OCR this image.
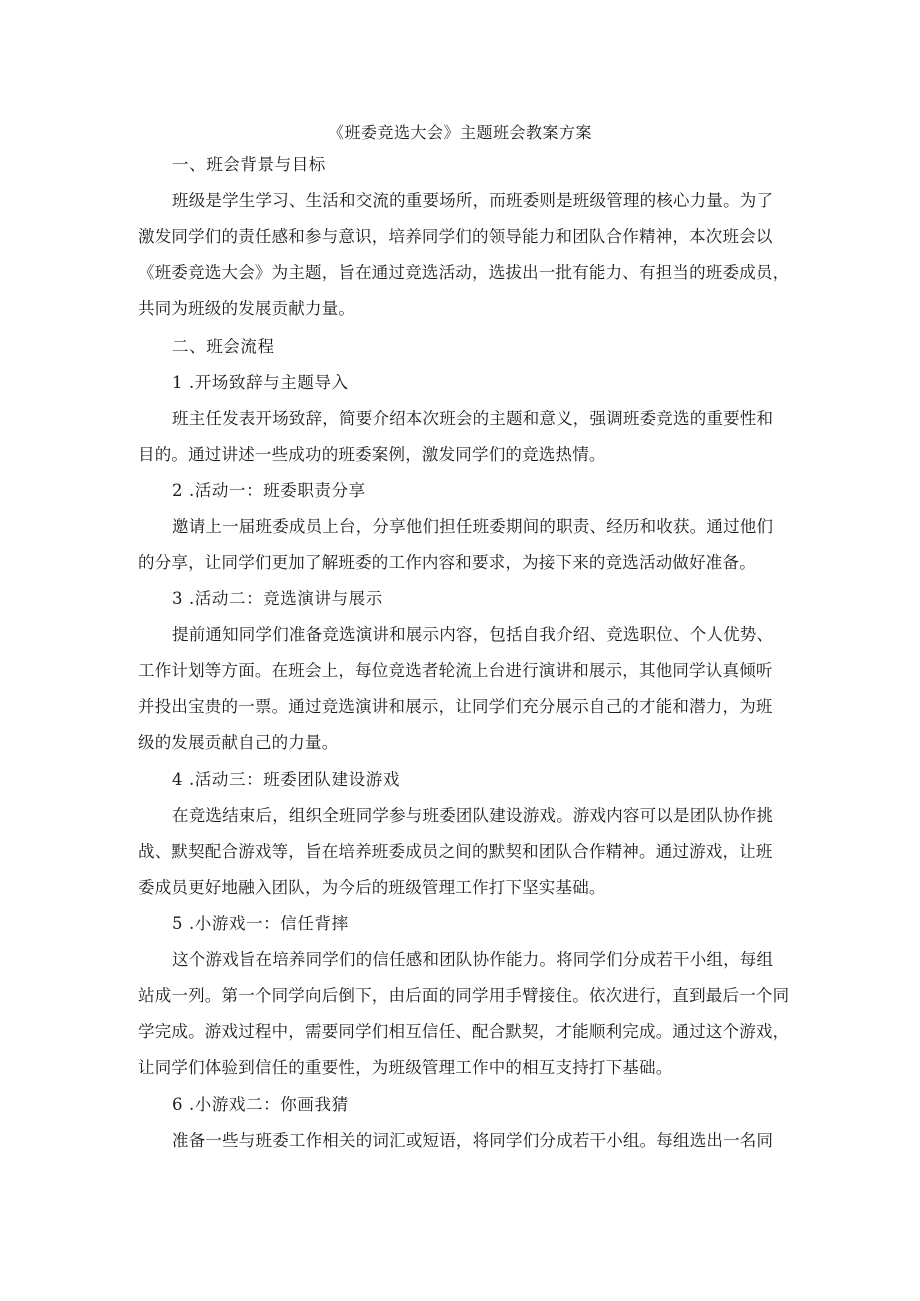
《班委竞选大会》主题班会教案方案
一、班会背景与目标
班级是学生学习、生活和交流的重要场所，而班委则是班级管理的核心力量。为了
激发同学们的责任感和参与意识，培养同学们的领导能力和团队合作精神，本次班会以
《班委竞选大会》为主题，旨在通过竞选活动，选拔出一批有能力、有担当的班委成员，
共同为班级的发展贡献力量。
二、班会流程
1 .开场致辞与主题导入
班主任发表开场致辞，简要介绍本次班会的主题和意义，强调班委竞选的重要性和
目的。通过讲述一些成功的班委案例，激发同学们的竞选热情。
2 .活动一：班委职责分享
邀请上一届班委成员上台，分享他们担任班委期间的职责、经历和收获。通过他们
的分享，让同学们更加了解班委的工作内容和要求，为接下来的竞选活动做好准备。
3 .活动二：竞选演讲与展示
提前通知同学们准备竞选演讲和展示内容，包括自我介绍、竞选职位、个人优势、
工作计划等方面。在班会上，每位竞选者轮流上台进行演讲和展示，其他同学认真倾听
并投出宝贵的一票。通过竞选演讲和展示，让同学们充分展示自己的才能和潜力，为班
级的发展贡献自己的力量。
4 .活动三：班委团队建设游戏
在竞选结束后，组织全班同学参与班委团队建设游戏。游戏内容可以是团队协作挑
战、默契配合游戏等，旨在培养班委成员之间的默契和团队合作精神。通过游戏，让班
委成员更好地融入团队，为今后的班级管理工作打下坚实基础。
5 .小游戏一：信任背摔
这个游戏旨在培养同学们的信任感和团队协作能力。将同学们分成若干小组，每组
站成一列。第一个同学向后倒下，由后面的同学用手臂接住。依次进行，直到最后一个同
学完成。游戏过程中，需要同学们相互信任、配合默契，才能顺利完成。通过这个游戏，
让同学们体验到信任的重要性，为班级管理工作中的相互支持打下基础。
6 .小游戏二：你画我猜
准备一些与班委工作相关的词汇或短语，将同学们分成若干小组。每组选出一名同
